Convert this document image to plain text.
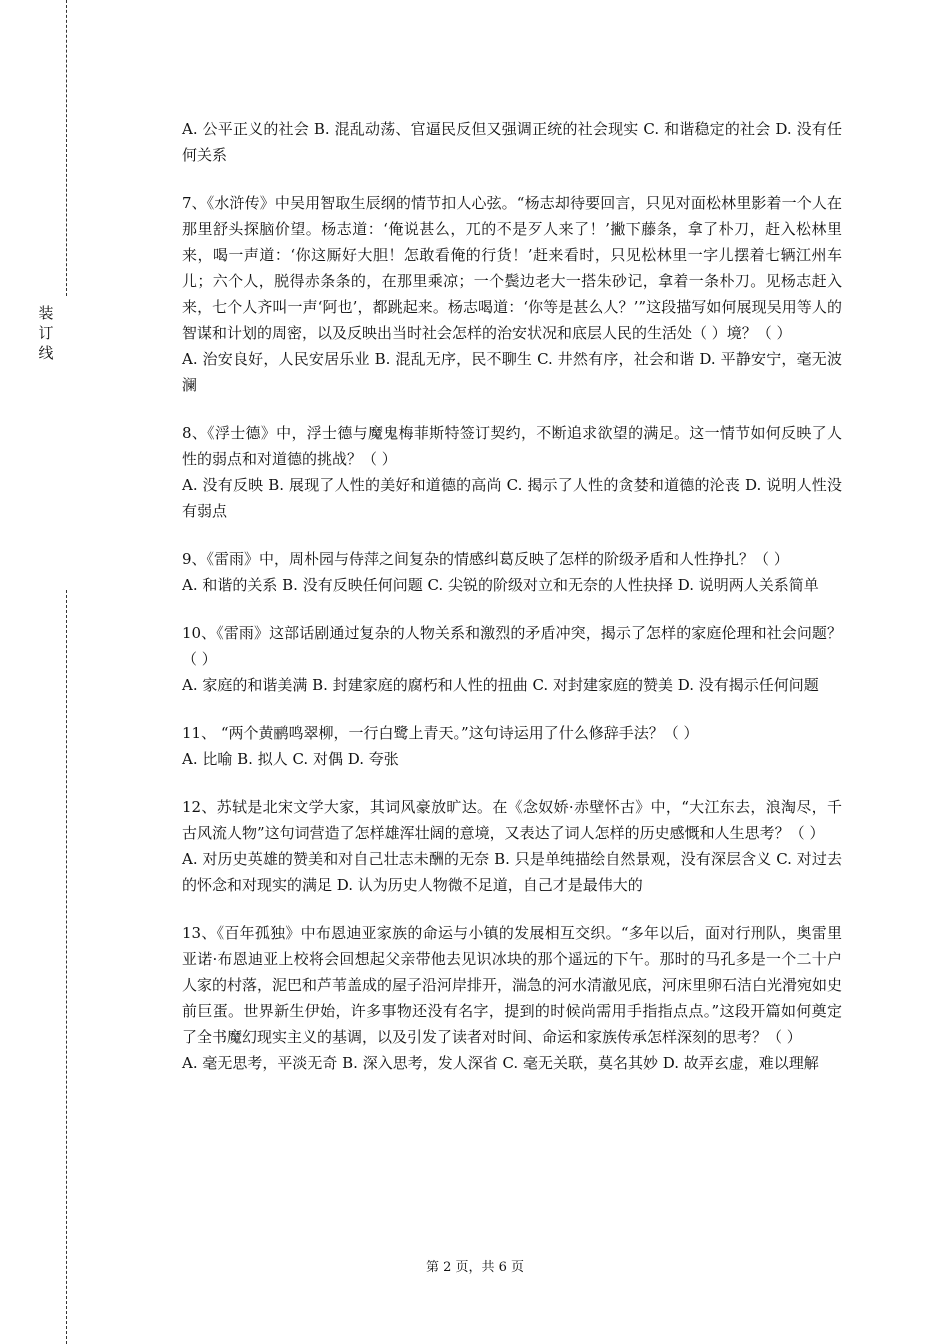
装
订
线

A. 公平正义的社会 B. 混乱动荡、官逼民反但又强调正统的社会现实 C. 和谐稳定的社会 D. 没有任何关系

7、《水浒传》中吴用智取生辰纲的情节扣人心弦。“杨志却待要回言，只见对面松林里影着一个人在那里舒头探脑价望。杨志道：‘俺说甚么，兀的不是歹人来了！’撇下藤条，拿了朴刀，赶入松林里来，喝一声道：‘你这厮好大胆！怎敢看俺的行货！’赶来看时，只见松林里一字儿摆着七辆江州车儿；六个人，脱得赤条条的，在那里乘凉；一个鬓边老大一搭朱砂记，拿着一条朴刀。见杨志赶入来，七个人齐叫一声‘阿也’，都跳起来。杨志喝道：‘你等是甚么人？’”这段描写如何展现吴用等人的智谋和计划的周密，以及反映出当时社会怎样的治安状况和底层人民的生活处（ ）境？（ ）

A. 治安良好，人民安居乐业 B. 混乱无序，民不聊生 C. 井然有序，社会和谐 D. 平静安宁，毫无波澜

8、《浮士德》中，浮士德与魔鬼梅菲斯特签订契约，不断追求欲望的满足。这一情节如何反映了人性的弱点和对道德的挑战？（ ）

A. 没有反映 B. 展现了人性的美好和道德的高尚 C. 揭示了人性的贪婪和道德的沦丧 D. 说明人性没有弱点

9、《雷雨》中，周朴园与侍萍之间复杂的情感纠葛反映了怎样的阶级矛盾和人性挣扎？（ ）

A. 和谐的关系 B. 没有反映任何问题 C. 尖锐的阶级对立和无奈的人性抉择 D. 说明两人关系简单

10、《雷雨》这部话剧通过复杂的人物关系和激烈的矛盾冲突，揭示了怎样的家庭伦理和社会问题？（ ）

A. 家庭的和谐美满 B. 封建家庭的腐朽和人性的扭曲 C. 对封建家庭的赞美 D. 没有揭示任何问题

11、 “两个黄鹂鸣翠柳，一行白鹭上青天。”这句诗运用了什么修辞手法？（ ）

A. 比喻 B. 拟人 C. 对偶 D. 夸张

12、苏轼是北宋文学大家，其词风豪放旷达。在《念奴娇·赤壁怀古》中，“大江东去，浪淘尽，千古风流人物”这句词营造了怎样雄浑壮阔的意境，又表达了词人怎样的历史感慨和人生思考？（ ）

A. 对历史英雄的赞美和对自己壮志未酬的无奈 B. 只是单纯描绘自然景观，没有深层含义 C. 对过去的怀念和对现实的满足 D. 认为历史人物微不足道，自己才是最伟大的

13、《百年孤独》中布恩迪亚家族的命运与小镇的发展相互交织。“多年以后，面对行刑队，奥雷里亚诺·布恩迪亚上校将会回想起父亲带他去见识冰块的那个遥远的下午。那时的马孔多是一个二十户人家的村落，泥巴和芦苇盖成的屋子沿河岸排开，湍急的河水清澈见底，河床里卵石洁白光滑宛如史前巨蛋。世界新生伊始，许多事物还没有名字，提到的时候尚需用手指指点点。”这段开篇如何奠定了全书魔幻现实主义的基调，以及引发了读者对时间、命运和家族传承怎样深刻的思考？（ ）

A. 毫无思考，平淡无奇 B. 深入思考，发人深省 C. 毫无关联，莫名其妙 D. 故弄玄虚，难以理解

第 2 页，共 6 页
